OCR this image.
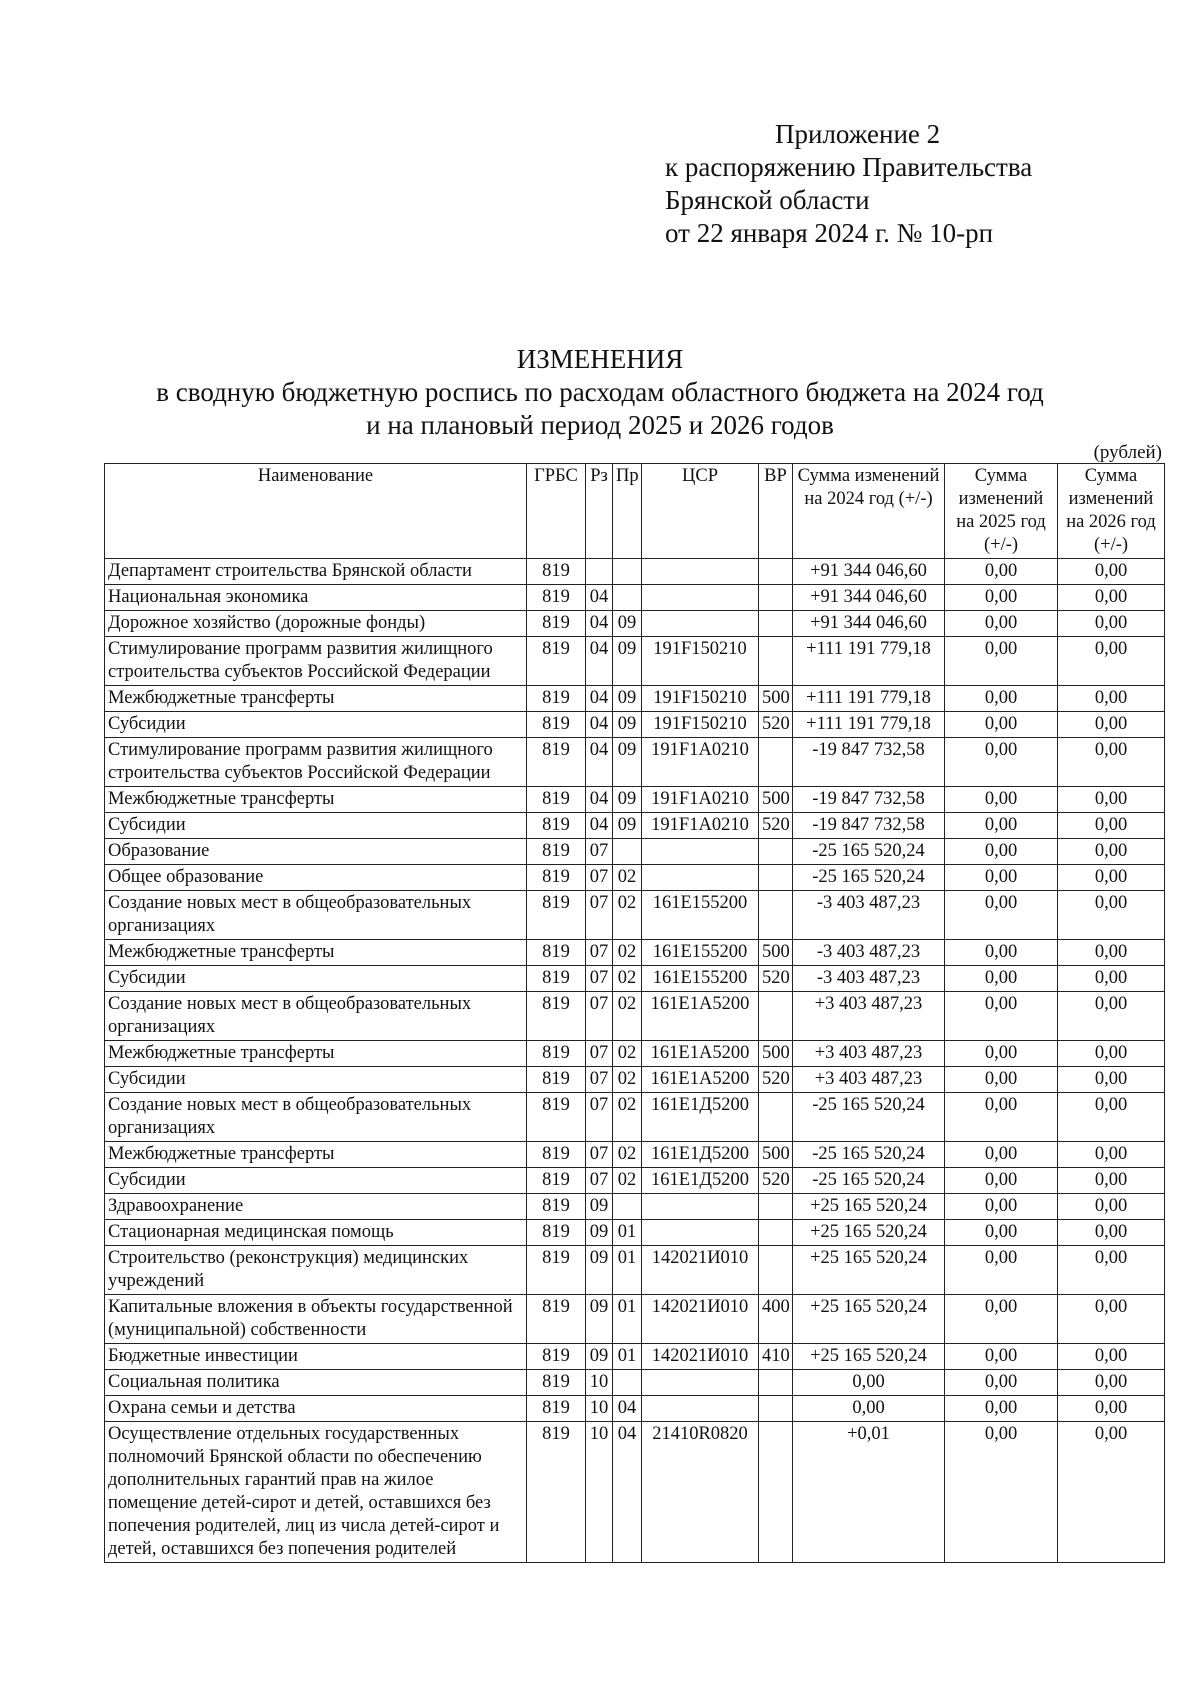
Приложение 2
к распоряжению Правительства
Брянской области
от 22 января 2024 г. № 10-рп
ИЗМЕНЕНИЯ
в сводную бюджетную роспись по расходам областного бюджета на 2024 год
и на плановый период 2025 и 2026 годов
(рублей)
Наименование	ГРБС	Рз	Пр	ЦСР	ВР	Сумма изменений на 2024 год (+/-)	Сумма изменений на 2025 год (+/-)	Сумма изменений на 2026 год (+/-)
Департамент строительства Брянской области	819					+91 344 046,60	0,00	0,00
Национальная экономика	819	04				+91 344 046,60	0,00	0,00
Дорожное хозяйство (дорожные фонды)	819	04	09			+91 344 046,60	0,00	0,00
Стимулирование программ развития жилищного строительства субъектов Российской Федерации	819	04	09	191F150210		+111 191 779,18	0,00	0,00
Межбюджетные трансферты	819	04	09	191F150210	500	+111 191 779,18	0,00	0,00
Субсидии	819	04	09	191F150210	520	+111 191 779,18	0,00	0,00
Стимулирование программ развития жилищного строительства субъектов Российской Федерации	819	04	09	191F1A0210		-19 847 732,58	0,00	0,00
Межбюджетные трансферты	819	04	09	191F1A0210	500	-19 847 732,58	0,00	0,00
Субсидии	819	04	09	191F1A0210	520	-19 847 732,58	0,00	0,00
Образование	819	07				-25 165 520,24	0,00	0,00
Общее образование	819	07	02			-25 165 520,24	0,00	0,00
Создание новых мест в общеобразовательных организациях	819	07	02	161E155200		-3 403 487,23	0,00	0,00
Межбюджетные трансферты	819	07	02	161E155200	500	-3 403 487,23	0,00	0,00
Субсидии	819	07	02	161E155200	520	-3 403 487,23	0,00	0,00
Создание новых мест в общеобразовательных организациях	819	07	02	161E1A5200		+3 403 487,23	0,00	0,00
Межбюджетные трансферты	819	07	02	161E1A5200	500	+3 403 487,23	0,00	0,00
Субсидии	819	07	02	161E1A5200	520	+3 403 487,23	0,00	0,00
Создание новых мест в общеобразовательных организациях	819	07	02	161E1Д5200		-25 165 520,24	0,00	0,00
Межбюджетные трансферты	819	07	02	161E1Д5200	500	-25 165 520,24	0,00	0,00
Субсидии	819	07	02	161E1Д5200	520	-25 165 520,24	0,00	0,00
Здравоохранение	819	09				+25 165 520,24	0,00	0,00
Стационарная медицинская помощь	819	09	01			+25 165 520,24	0,00	0,00
Строительство (реконструкция) медицинских учреждений	819	09	01	142021И010		+25 165 520,24	0,00	0,00
Капитальные вложения в объекты государственной (муниципальной) собственности	819	09	01	142021И010	400	+25 165 520,24	0,00	0,00
Бюджетные инвестиции	819	09	01	142021И010	410	+25 165 520,24	0,00	0,00
Социальная политика	819	10				0,00	0,00	0,00
Охрана семьи и детства	819	10	04			0,00	0,00	0,00
Осуществление отдельных государственных полномочий Брянской области по обеспечению дополнительных гарантий прав на жилое помещение детей-сирот и детей, оставшихся без попечения родителей, лиц из числа детей-сирот и детей, оставшихся без попечения родителей	819	10	04	21410R0820		+0,01	0,00	0,00
